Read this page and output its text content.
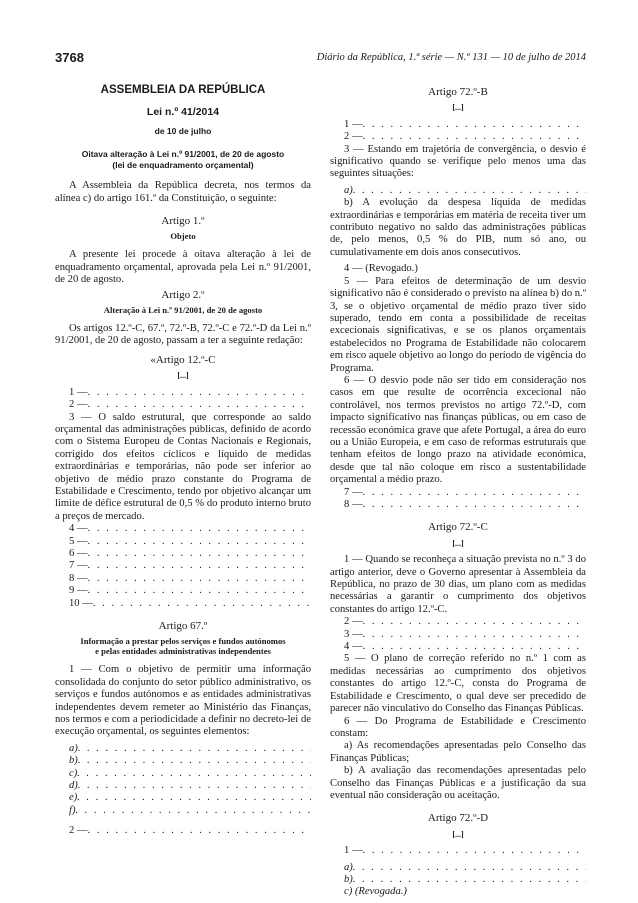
3768	Diário da República, 1.ª série — N.º 131 — 10 de julho de 2014
ASSEMBLEIA DA REPÚBLICA
Lei n.º 41/2014
de 10 de julho
Oitava alteração à Lei n.º 91/2001, de 20 de agosto
(lei de enquadramento orçamental)

A Assembleia da República decreta, nos termos da alínea c) do artigo 161.º da Constituição, o seguinte:

Artigo 1.º
Objeto

A presente lei procede à oitava alteração à lei de enquadramento orçamental, aprovada pela Lei n.º 91/2001, de 20 de agosto.

Artigo 2.º
Alteração à Lei n.º 91/2001, de 20 de agosto

Os artigos 12.º-C, 67.º, 72.º-B, 72.º-C e 72.º-D da Lei n.º 91/2001, de 20 de agosto, passam a ter a seguinte redação:

«Artigo 12.º-C
[...]
1 —
. . .
2 —
. . .

3 — O saldo estrutural, que corresponde ao saldo orçamental das administrações públicas, definido de acordo com o Sistema Europeu de Contas Nacionais e Regionais, corrigido dos efeitos cíclicos e líquido de medidas extraordinárias e temporárias, não pode ser inferior ao objetivo de médio prazo constante do Programa de Estabilidade e Crescimento, tendo por objetivo alcançar um limite de défice estrutural de 0,5 % do produto interno bruto a preços de mercado.

4 —
. . .
5 —
. . .
6 —
. . .
7 —
. . .
8 —
. . .
9 —
. . .
10 —
. . .
Artigo 67.º
Informação a prestar pelos serviços e fundos autónomos
e pelas entidades administrativas independentes

1 — Com o objetivo de permitir uma informação consolidada do conjunto do setor público administrativo, os serviços e fundos autónomos e as entidades administrativas independentes devem remeter ao Ministério das Finanças, nos termos e com a periodicidade a definir no decreto-lei de execução orçamental, os seguintes elementos:

a)
. . .
b)
. . .
c)
. . .
d)
. . .
e)
. . .
f)
. . .
2 —
. . .
Artigo 72.º-B
[...]
1 —
. . .
2 —
. . .

3 — Estando em trajetória de convergência, o desvio é significativo quando se verifique pelo menos uma das seguintes situações:

a)
. . .

b) A evolução da despesa líquida de medidas extraordinárias e temporárias em matéria de receita tiver um contributo negativo no saldo das administrações públicas de, pelo menos, 0,5 % do PIB, num só ano, ou cumulativamente em dois anos consecutivos.

4 — (Revogado.)

5 — Para efeitos de determinação de um desvio significativo não é considerado o previsto na alínea b) do n.º 3, se o objetivo orçamental de médio prazo tiver sido superado, tendo em conta a possibilidade de receitas excecionais significativas, e se os planos orçamentais estabelecidos no Programa de Estabilidade não colocarem em risco aquele objetivo ao longo do período de vigência do Programa.

6 — O desvio pode não ser tido em consideração nos casos em que resulte de ocorrência excecional não controlável, nos termos previstos no artigo 72.º-D, com impacto significativo nas finanças públicas, ou em caso de recessão económica grave que afete Portugal, a área do euro ou a União Europeia, e em caso de reformas estruturais que tenham efeitos de longo prazo na atividade económica, desde que tal não coloque em risco a sustentabilidade orçamental a médio prazo.

7 —
. . .
8 —
. . .
Artigo 72.º-C
[...]

1 — Quando se reconheça a situação prevista no n.º 3 do artigo anterior, deve o Governo apresentar à Assembleia da República, no prazo de 30 dias, um plano com as medidas necessárias a garantir o cumprimento dos objetivos constantes do artigo 12.º-C.

2 —
. . .
3 —
. . .
4 —
. . .

5 — O plano de correção referido no n.º 1 com as medidas necessárias ao cumprimento dos objetivos constantes do artigo 12.º-C, consta do Programa de Estabilidade e Crescimento, o qual deve ser precedido de parecer não vinculativo do Conselho das Finanças Públicas.

6 — Do Programa de Estabilidade e Crescimento constam:

a) As recomendações apresentadas pelo Conselho das Finanças Públicas;

b) A avaliação das recomendações apresentadas pelo Conselho das Finanças Públicas e a justificação da sua eventual não consideração ou aceitação.

Artigo 72.º-D
[...]
1 —
. . .
a)
. . .
b)
. . .

c) (Revogada.)
